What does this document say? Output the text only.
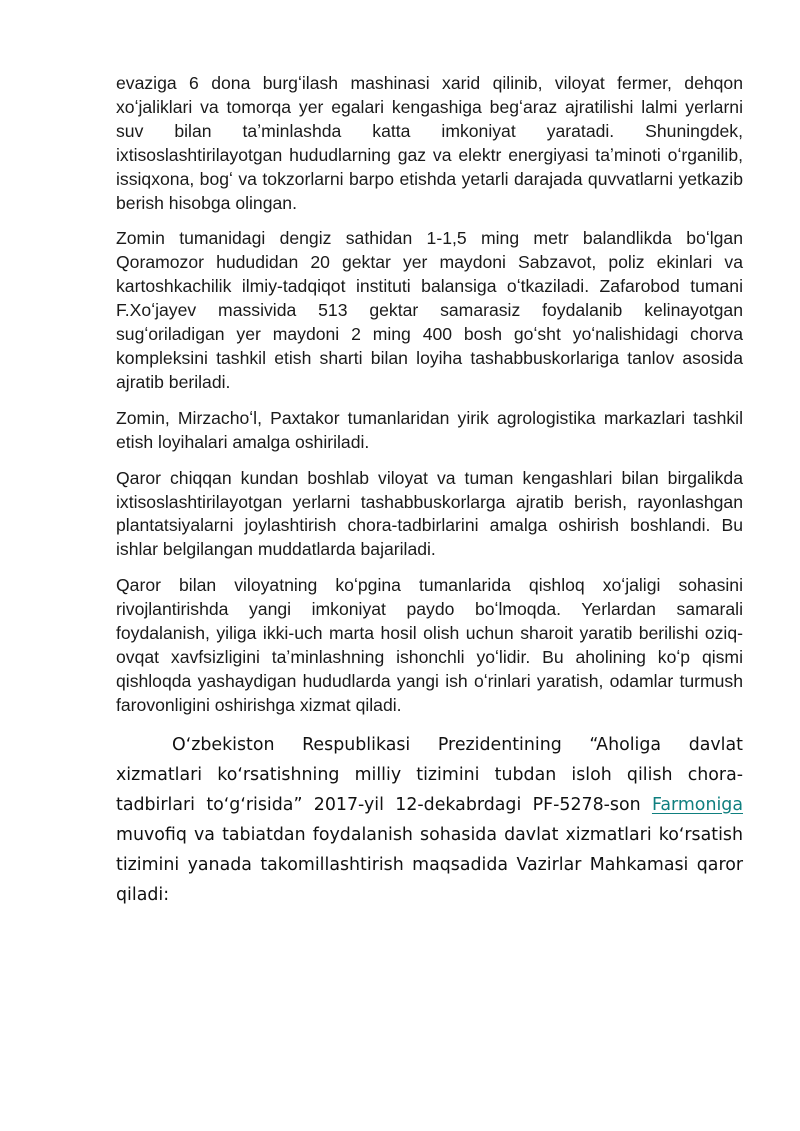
evaziga 6 dona burgʻilash mashinasi xarid qilinib, viloyat fermer, dehqon xoʻjaliklari va tomorqa yer egalari kengashiga begʻaraz ajratilishi lalmi yerlarni suv bilan taʼminlashda katta imkoniyat yaratadi. Shuningdek, ixtisoslashtirilayotgan hududlarning gaz va elektr energiyasi taʼminoti oʻrganilib, issiqxona, bogʻ va tokzorlarni barpo etishda yetarli darajada quvvatlarni yetkazib berish hisobga olingan.

Zomin tumanidagi dengiz sathidan 1-1,5 ming metr balandlikda boʻlgan Qoramozor hududidan 20 gektar yer maydoni Sabzavot, poliz ekinlari va kartoshkachilik ilmiy-tadqiqot instituti balansiga oʻtkaziladi. Zafarobod tumani F.Xoʻjayev massivida 513 gektar samarasiz foydalanib kelinayotgan sugʻoriladigan yer maydoni 2 ming 400 bosh goʻsht yoʻnalishidagi chorva kompleksini tashkil etish sharti bilan loyiha tashabbuskorlariga tanlov asosida ajratib beriladi.

Zomin, Mirzachoʻl, Paxtakor tumanlaridan yirik agrologistika markazlari tashkil etish loyihalari amalga oshiriladi.

Qaror chiqqan kundan boshlab viloyat va tuman kengashlari bilan birgalikda ixtisoslashtirilayotgan yerlarni tashabbuskorlarga ajratib berish, rayonlashgan plantatsiyalarni joylashtirish chora-tadbirlarini amalga oshirish boshlandi. Bu ishlar belgilangan muddatlarda bajariladi.

Qaror bilan viloyatning koʻpgina tumanlarida qishloq xoʻjaligi sohasini rivojlantirishda yangi imkoniyat paydo boʻlmoqda. Yerlardan samarali foydalanish, yiliga ikki-uch marta hosil olish uchun sharoit yaratib berilishi oziq-ovqat xavfsizligini taʼminlashning ishonchli yoʻlidir. Bu aholining koʻp qismi qishloqda yashaydigan hududlarda yangi ish oʻrinlari yaratish, odamlar turmush farovonligini oshirishga xizmat qiladi.

Oʻzbekiston Respublikasi Prezidentining “Aholiga davlat xizmatlari koʻrsatishning milliy tizimini tubdan isloh qilish chora-tadbirlari toʻgʻrisida” 2017-yil 12-dekabrdagi PF-5278-son Farmoniga muvofiq va tabiatdan foydalanish sohasida davlat xizmatlari koʻrsatish tizimini yanada takomillashtirish maqsadida Vazirlar Mahkamasi qaror qiladi:
